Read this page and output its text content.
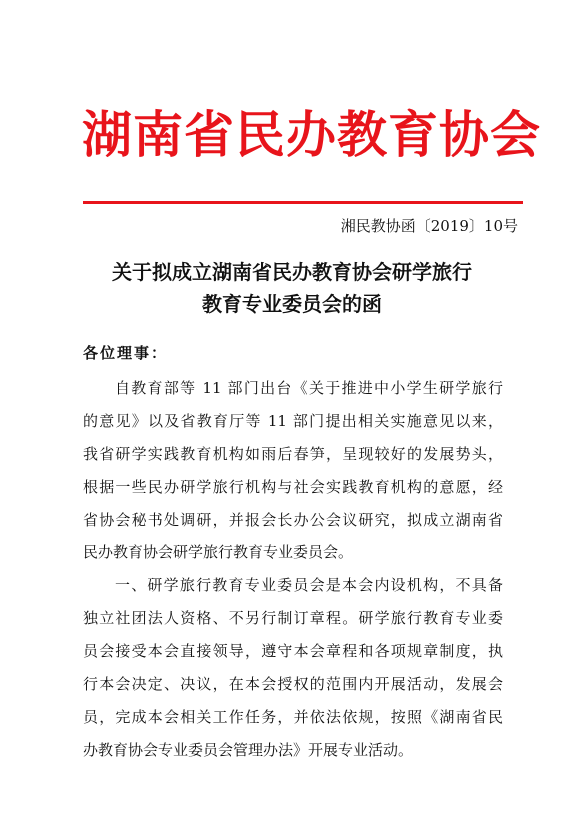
湖南省民办教育协会
湘民教协函〔2019〕10号
关于拟成立湖南省民办教育协会研学旅行
教育专业委员会的函
各位理事：
自教育部等 11 部门出台《关于推进中小学生研学旅行
的意见》以及省教育厅等 11 部门提出相关实施意见以来，
我省研学实践教育机构如雨后春笋，呈现较好的发展势头，
根据一些民办研学旅行机构与社会实践教育机构的意愿，经
省协会秘书处调研，并报会长办公会议研究，拟成立湖南省
民办教育协会研学旅行教育专业委员会。
一、研学旅行教育专业委员会是本会内设机构，不具备
独立社团法人资格、不另行制订章程。研学旅行教育专业委
员会接受本会直接领导，遵守本会章程和各项规章制度，执
行本会决定、决议，在本会授权的范围内开展活动，发展会
员，完成本会相关工作任务，并依法依规，按照《湖南省民
办教育协会专业委员会管理办法》开展专业活动。
